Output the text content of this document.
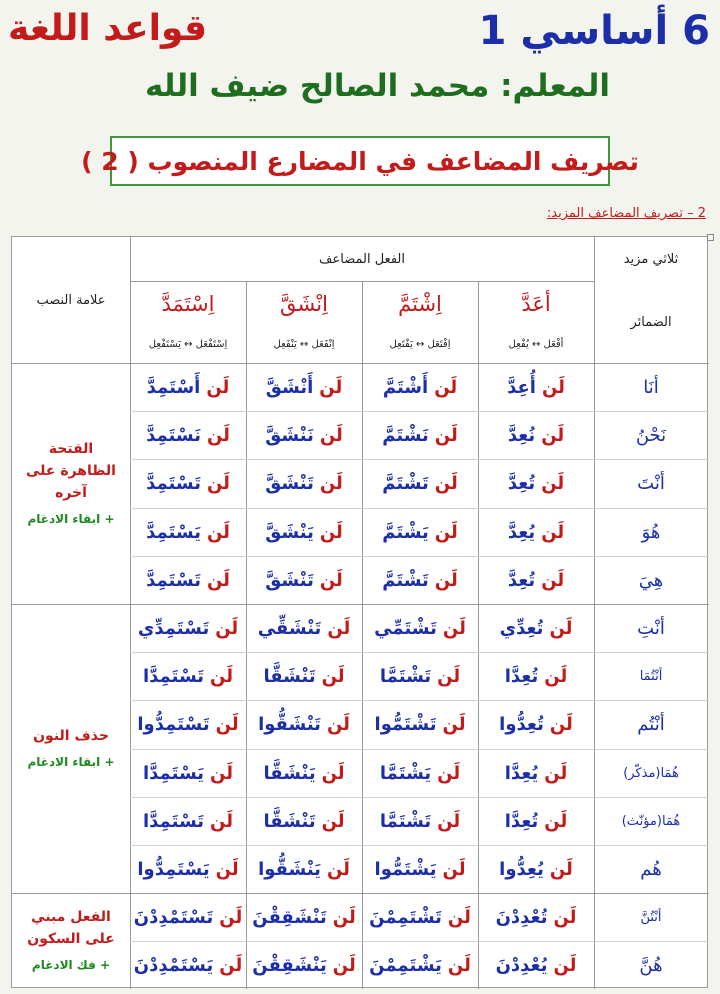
6 أساسي 1
قواعد اللغة
المعلم: محمد الصالح ضيف الله
تصريف المضاعف في المضارع المنصوب ( 2 )
2 – تصريف المضاعف المزيد:
ثلاثي مزيد
الفعل المضاعف
علامة النصب
الضمائر
أعَدَّ
أفْعَل ↔ يُفْعِل
اِشْتَمَّ
اِفْتَعَل ↔ يَفْتَعِل
اِنْشَقَّ
اِنْفَعَل ↔ يَنْفَعِل
اِسْتَمَدَّ
اِسْتَفْعَل ↔ يَسْتَفْعِل
أنَا
لَن
أُعِدَّ
لَن
أَشْتَمَّ
لَن
أَنْشَقَّ
لَن
أَسْتَمِدَّ
نَحْنُ
لَن
نُعِدَّ
لَن
نَشْتَمَّ
لَن
نَنْشَقَّ
لَن
نَسْتَمِدَّ
أنْتَ
لَن
تُعِدَّ
لَن
تَشْتَمَّ
لَن
تَنْشَقَّ
لَن
تَسْتَمِدَّ
هُوَ
لَن
يُعِدَّ
لَن
يَشْتَمَّ
لَن
يَنْشَقَّ
لَن
يَسْتَمِدَّ
هِيَ
لَن
تُعِدَّ
لَن
تَشْتَمَّ
لَن
تَنْشَقَّ
لَن
تَسْتَمِدَّ
أنْتِ
لَن
تُعِدِّي
لَن
تَشْتَمِّي
لَن
تَنْشَقِّي
لَن
تَسْتَمِدِّي
أنْتُمَا
لَن
تُعِدَّا
لَن
تَشْتَمَّا
لَن
تَنْشَقَّا
لَن
تَسْتَمِدَّا
أنْتُم
لَن
تُعِدُّوا
لَن
تَشْتَمُّوا
لَن
تَنْشَقُّوا
لَن
تَسْتَمِدُّوا
هُمَا(مذكّر)
لَن
يُعِدَّا
لَن
يَشْتَمَّا
لَن
يَنْشَقَّا
لَن
يَسْتَمِدَّا
هُمَا(مؤنّث)
لَن
تُعِدَّا
لَن
تَشْتَمَّا
لَن
تَنْشَقَّا
لَن
تَسْتَمِدَّا
هُم
لَن
يُعِدُّوا
لَن
يَشْتَمُّوا
لَن
يَنْشَقُّوا
لَن
يَسْتَمِدُّوا
أنْتُنَّ
لَن
تُعْدِدْنَ
لَن
تَشْتَمِمْنَ
لَن
تَنْشَقِقْنَ
لَن
تَسْتَمْدِدْنَ
هُنَّ
لَن
يُعْدِدْنَ
لَن
يَشْتَمِمْنَ
لَن
يَنْشَقِقْنَ
لَن
يَسْتَمْدِدْنَ
الفتحة الظاهرة على آخره
+ ابقاء الادغام
حذف النون
+ ابقاء الادغام
الفعل مبني على السكون
+ فك الادغام
